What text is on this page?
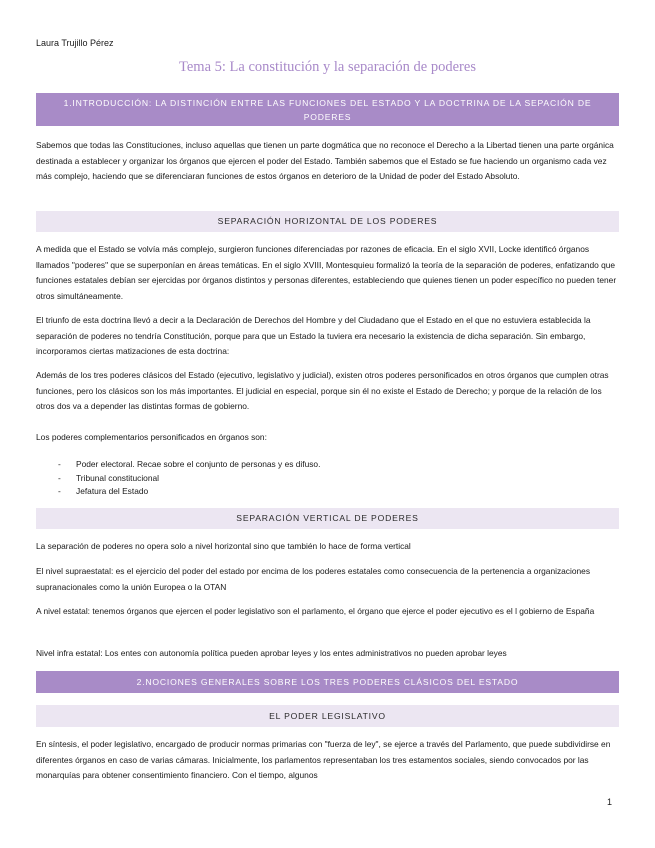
Laura Trujillo Pérez
Tema 5: La constitución y la separación de poderes
1.INTRODUCCIÓN: LA DISTINCIÓN ENTRE LAS FUNCIONES DEL ESTADO Y LA DOCTRINA DE LA SEPACIÓN DE
PODERES

Sabemos que todas las Constituciones, incluso aquellas que tienen un parte dogmática que no reconoce el Derecho a la Libertad tienen una parte orgánica destinada a establecer y organizar los órganos que ejercen el poder del Estado. También sabemos que el Estado se fue haciendo un organismo cada vez más complejo, haciendo que se diferenciaran funciones de estos órganos en deterioro de la Unidad de poder del Estado Absoluto.

SEPARACIÓN HORIZONTAL DE LOS PODERES

A medida que el Estado se volvía más complejo, surgieron funciones diferenciadas por razones de eficacia. En el siglo XVII, Locke identificó órganos llamados "poderes" que se superponían en áreas temáticas. En el siglo XVIII, Montesquieu formalizó la teoría de la separación de poderes, enfatizando que funciones estatales debían ser ejercidas por órganos distintos y personas diferentes, estableciendo que quienes tienen un poder específico no pueden tener otros simultáneamente.

El triunfo de esta doctrina llevó a decir a la Declaración de Derechos del Hombre y del Ciudadano que el Estado en el que no estuviera establecida la separación de poderes no tendría Constitución, porque para que un Estado la tuviera era necesario la existencia de dicha separación. Sin embargo, incorporamos ciertas matizaciones de esta doctrina:

Además de los tres poderes clásicos del Estado (ejecutivo, legislativo y judicial), existen otros poderes personificados en otros órganos que cumplen otras funciones, pero los clásicos son los más importantes. El judicial en especial, porque sin él no existe el Estado de Derecho; y porque de la relación de los otros dos va a depender las distintas formas de gobierno.

Los poderes complementarios personificados en órganos son:

- Poder electoral. Recae sobre el conjunto de personas y es difuso.
- Tribunal constitucional
- Jefatura del Estado
SEPARACIÓN VERTICAL DE PODERES

La separación de poderes no opera solo a nivel horizontal sino que también lo hace de forma vertical

El nivel supraestatal: es el ejercicio del poder del estado por encima de los poderes estatales como consecuencia de la pertenencia a organizaciones supranacionales como la unión Europea o la OTAN

A nivel estatal: tenemos órganos que ejercen el poder legislativo son el parlamento, el órgano que ejerce el poder ejecutivo es el l gobierno de España

Nivel infra estatal: Los entes con autonomía política pueden aprobar leyes y los entes administrativos no pueden aprobar leyes

2.NOCIONES GENERALES SOBRE LOS TRES PODERES CLÁSICOS DEL ESTADO
EL PODER LEGISLATIVO

En síntesis, el poder legislativo, encargado de producir normas primarias con "fuerza de ley", se ejerce a través del Parlamento, que puede subdividirse en diferentes órganos en caso de varias cámaras. Inicialmente, los parlamentos representaban los tres estamentos sociales, siendo convocados por las monarquías para obtener consentimiento financiero. Con el tiempo, algunos

1
